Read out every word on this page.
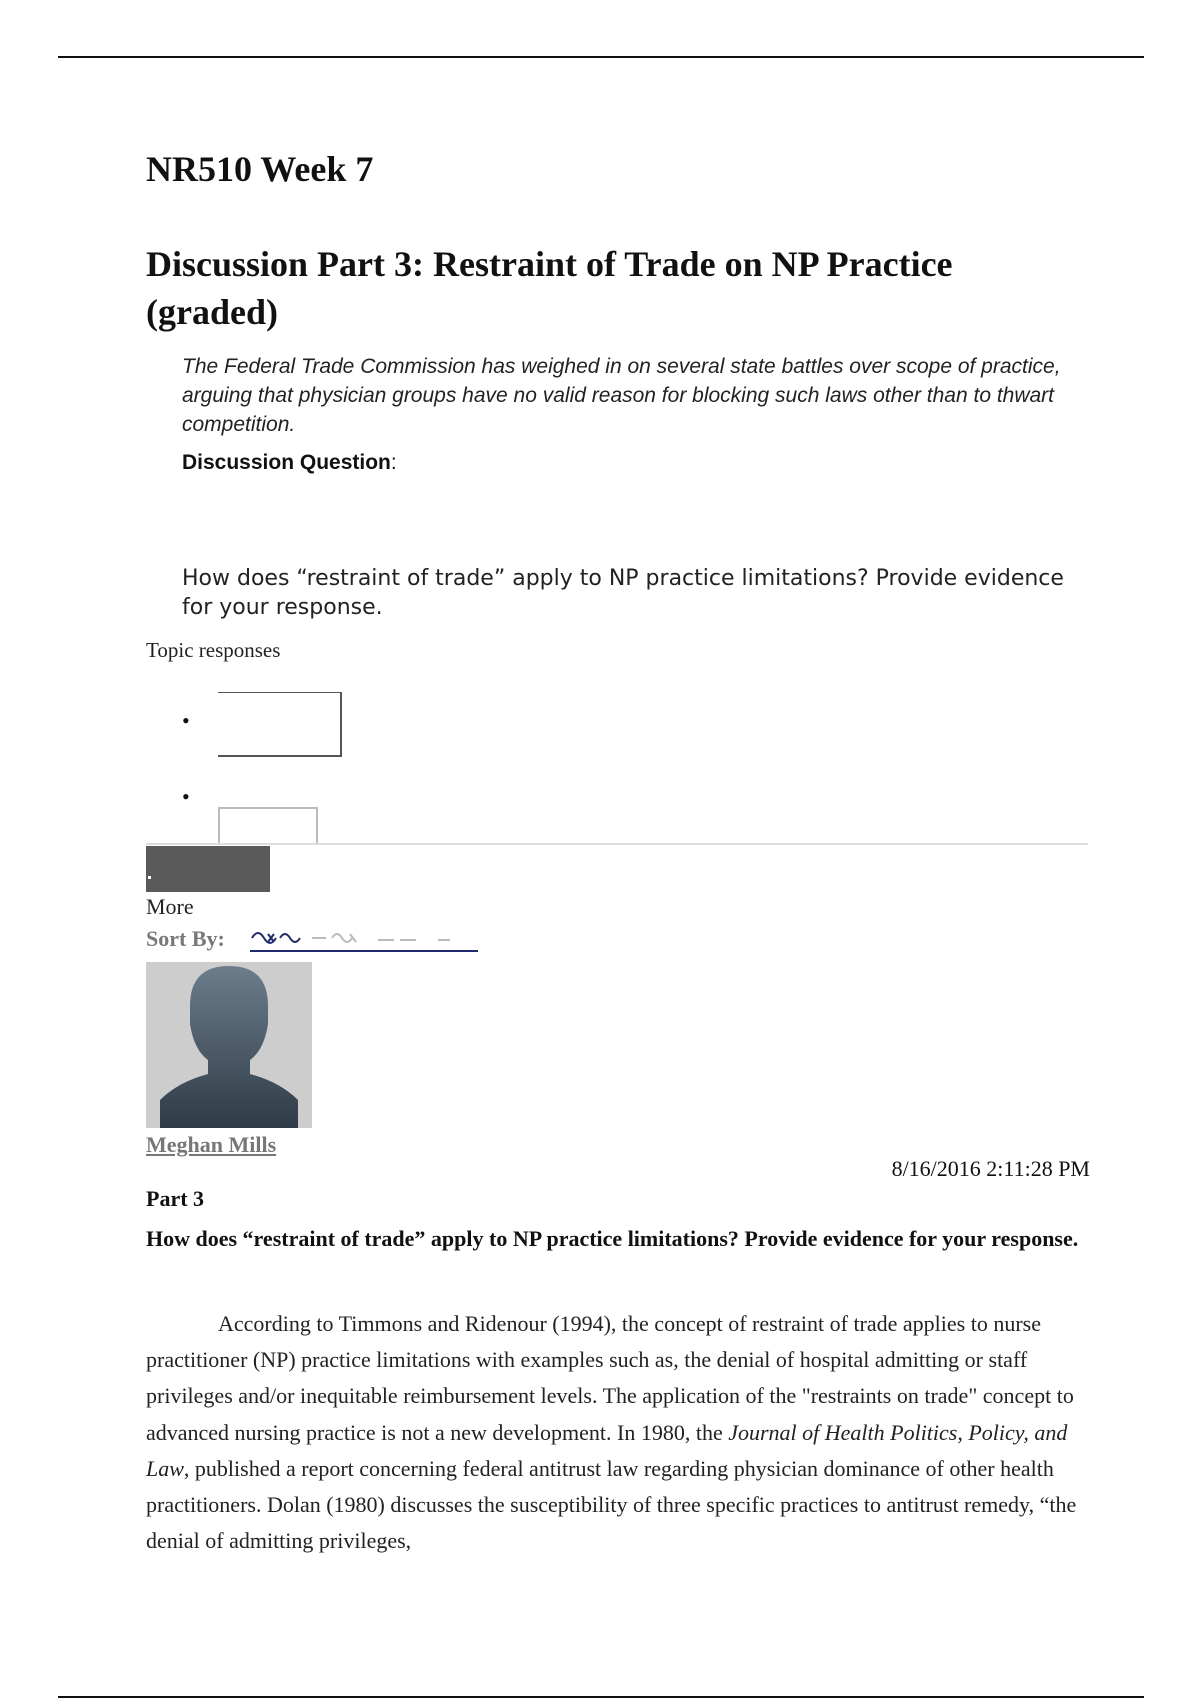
NR510 Week 7
Discussion Part 3: Restraint of Trade on NP Practice (graded)
The Federal Trade Commission has weighed in on several state battles over scope of practice, arguing that physician groups have no valid reason for blocking such laws other than to thwart competition.
Discussion Question:
How does “restraint of trade” apply to NP practice limitations? Provide evidence for your response.
Topic responses
•
•
More
Sort By:
Meghan Mills
8/16/2016 2:11:28 PM
Part 3
How does “restraint of trade” apply to NP practice limitations? Provide evidence for your response.
According to Timmons and Ridenour (1994), the concept of restraint of trade applies to nurse practitioner (NP) practice limitations with examples such as, the denial of hospital admitting or staff privileges and/or inequitable reimbursement levels. The application of the "restraints on trade" concept to advanced nursing practice is not a new development. In 1980, the Journal of Health Politics, Policy, and Law, published a report concerning federal antitrust law regarding physician dominance of other health practitioners. Dolan (1980) discusses the susceptibility of three specific practices to antitrust remedy, “the denial of admitting privileges,
